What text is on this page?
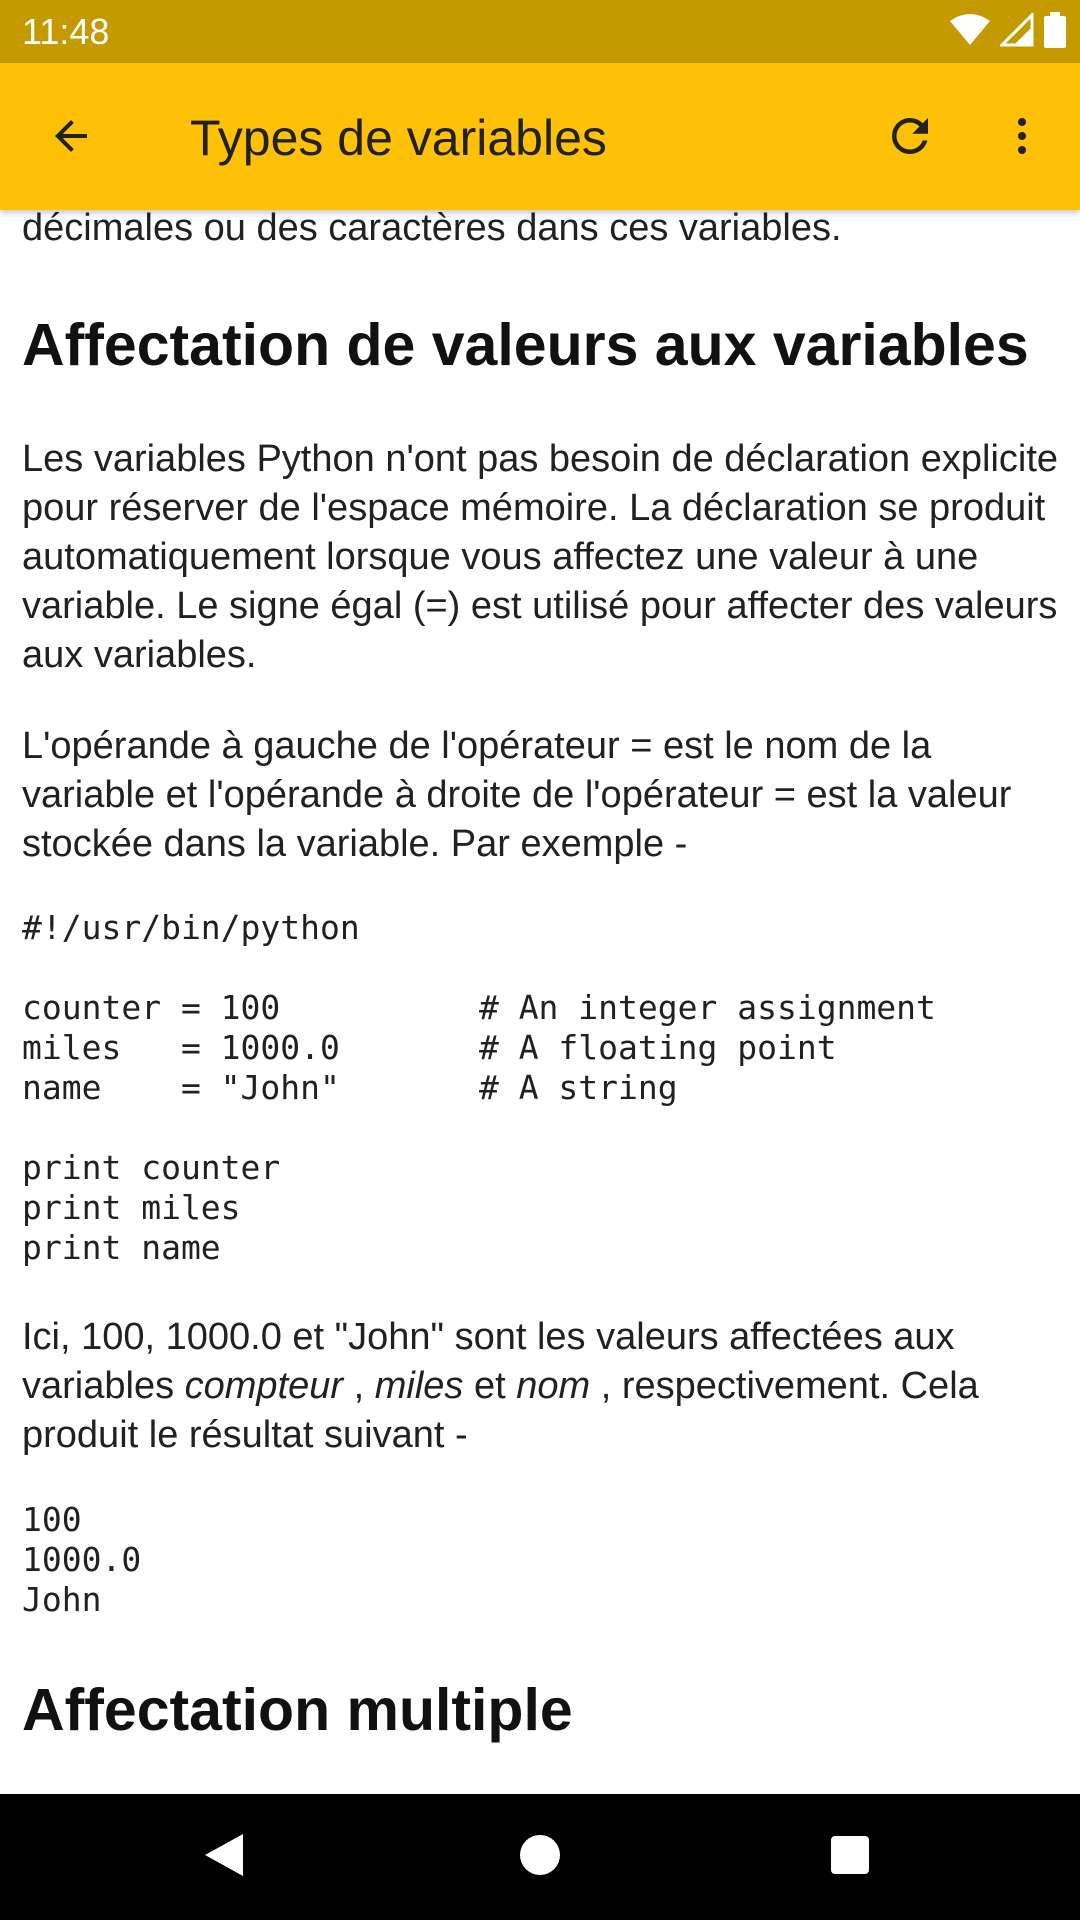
11:48
Types de variables

décimales ou des caractères dans ces variables.

Affectation de valeurs aux variables

Les variables Python n'ont pas besoin de déclaration explicite pour réserver de l'espace mémoire. La déclaration se produit automatiquement lorsque vous affectez une valeur à une variable. Le signe égal (=) est utilisé pour affecter des valeurs aux variables.

L'opérande à gauche de l'opérateur = est le nom de la variable et l'opérande à droite de l'opérateur = est la valeur stockée dans la variable. Par exemple -

#!/usr/bin/python

counter = 100          # An integer assignment
miles   = 1000.0       # A floating point
name    = "John"       # A string

print counter
print miles
print name

Ici, 100, 1000.0 et "John" sont les valeurs affectées aux variables compteur , miles et nom , respectivement. Cela produit le résultat suivant -

100
1000.0
John
Affectation multiple
